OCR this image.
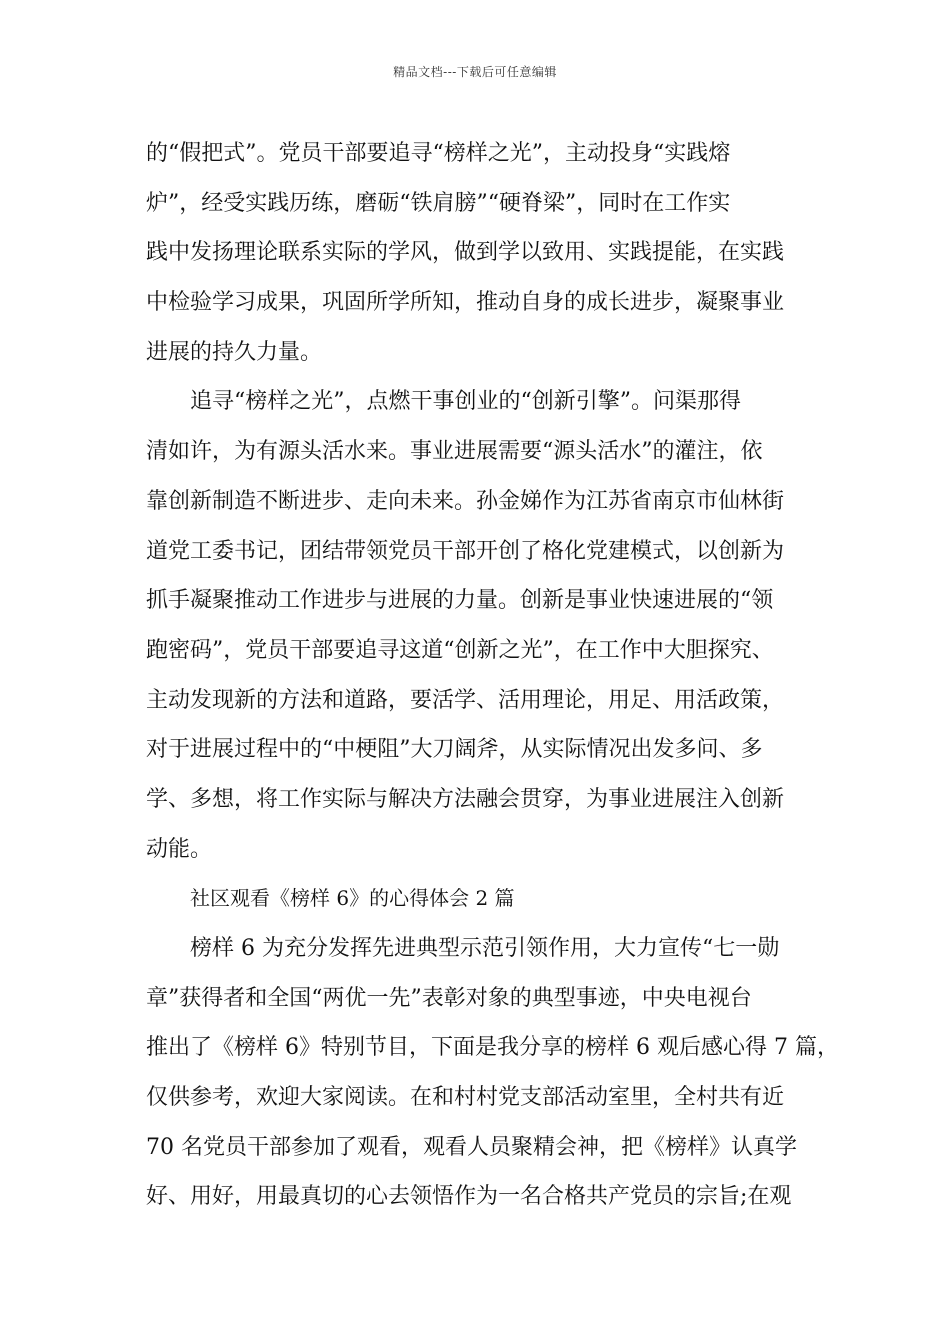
精品文档---下载后可任意编辑
的“假把式”。党员干部要追寻“榜样之光”，主动投身“实践熔
炉”，经受实践历练，磨砺“铁肩膀”“硬脊梁”，同时在工作实
践中发扬理论联系实际的学风，做到学以致用、实践提能，在实践
中检验学习成果，巩固所学所知，推动自身的成长进步，凝聚事业
进展的持久力量。
追寻“榜样之光”，点燃干事创业的“创新引擎”。问渠那得
清如许，为有源头活水来。事业进展需要“源头活水”的灌注，依
靠创新制造不断进步、走向未来。孙金娣作为江苏省南京市仙林街
道党工委书记，团结带领党员干部开创了格化党建模式，以创新为
抓手凝聚推动工作进步与进展的力量。创新是事业快速进展的“领
跑密码”，党员干部要追寻这道“创新之光”，在工作中大胆探究、
主动发现新的方法和道路，要活学、活用理论，用足、用活政策，
对于进展过程中的“中梗阻”大刀阔斧，从实际情况出发多问、多
学、多想，将工作实际与解决方法融会贯穿，为事业进展注入创新
动能。
社区观看《榜样 6》的心得体会 2 篇
榜样 6 为充分发挥先进典型示范引领作用，大力宣传“七一勋
章”获得者和全国“两优一先”表彰对象的典型事迹，中央电视台
推出了《榜样 6》特别节目，下面是我分享的榜样 6 观后感心得 7 篇，
仅供参考，欢迎大家阅读。在和村村党支部活动室里，全村共有近
70 名党员干部参加了观看，观看人员聚精会神，把《榜样》认真学
好、用好，用最真切的心去领悟作为一名合格共产党员的宗旨;在观
